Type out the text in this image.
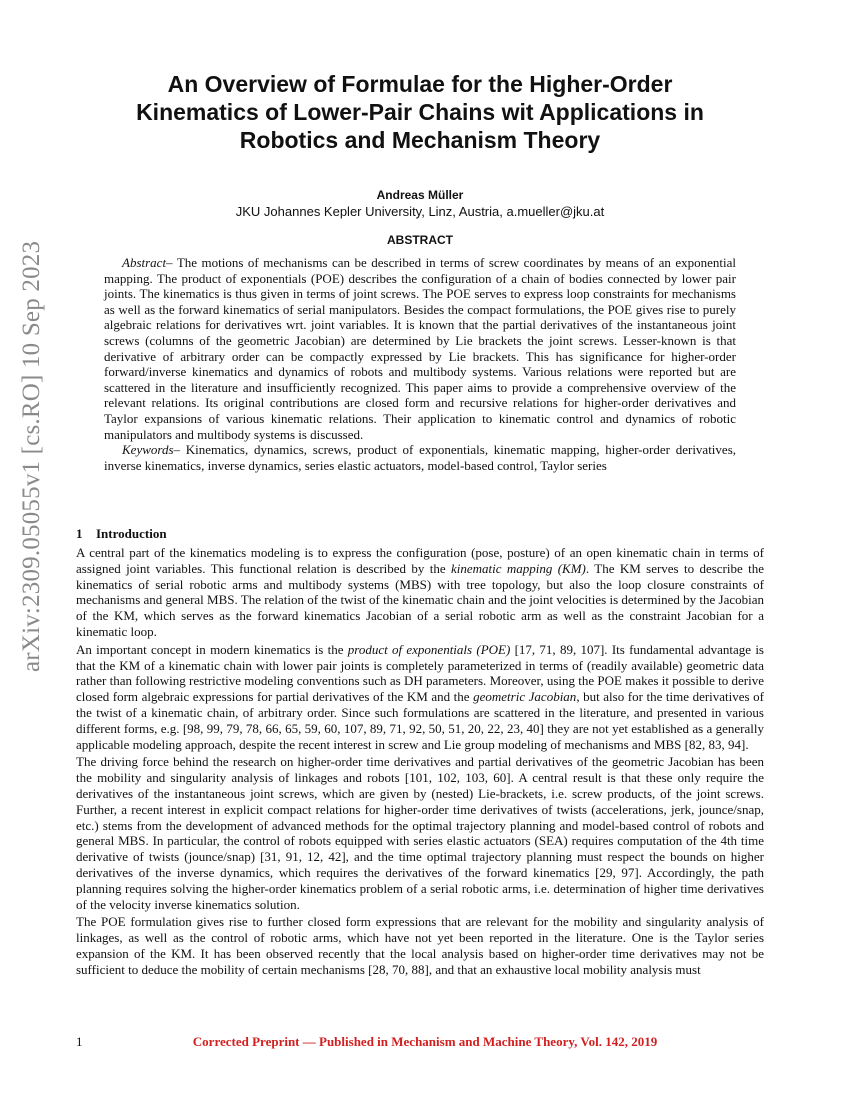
arXiv:2309.05055v1 [cs.RO] 10 Sep 2023
An Overview of Formulae for the Higher-Order Kinematics of Lower-Pair Chains wit Applications in Robotics and Mechanism Theory
Andreas Müller
JKU Johannes Kepler University, Linz, Austria, a.mueller@jku.at
ABSTRACT

Abstract– The motions of mechanisms can be described in terms of screw coordinates by means of an exponential mapping. The product of exponentials (POE) describes the configuration of a chain of bodies connected by lower pair joints. The kinematics is thus given in terms of joint screws. The POE serves to express loop constraints for mechanisms as well as the forward kinematics of serial manipulators. Besides the compact formulations, the POE gives rise to purely algebraic relations for derivatives wrt. joint variables. It is known that the partial derivatives of the instantaneous joint screws (columns of the geometric Jacobian) are determined by Lie brackets the joint screws. Lesser-known is that derivative of arbitrary order can be compactly expressed by Lie brackets. This has significance for higher-order forward/inverse kinematics and dynamics of robots and multibody systems. Various relations were reported but are scattered in the literature and insufficiently recognized. This paper aims to provide a comprehensive overview of the relevant relations. Its original contributions are closed form and recursive relations for higher-order derivatives and Taylor expansions of various kinematic relations. Their application to kinematic control and dynamics of robotic manipulators and multibody systems is discussed.

Keywords– Kinematics, dynamics, screws, product of exponentials, kinematic mapping, higher-order derivatives, inverse kinematics, inverse dynamics, series elastic actuators, model-based control, Taylor series

1 Introduction

A central part of the kinematics modeling is to express the configuration (pose, posture) of an open kinematic chain in terms of assigned joint variables. This functional relation is described by the kinematic mapping (KM). The KM serves to describe the kinematics of serial robotic arms and multibody systems (MBS) with tree topology, but also the loop closure constraints of mechanisms and general MBS. The relation of the twist of the kinematic chain and the joint velocities is determined by the Jacobian of the KM, which serves as the forward kinematics Jacobian of a serial robotic arm as well as the constraint Jacobian for a kinematic loop.

An important concept in modern kinematics is the product of exponentials (POE) [17, 71, 89, 107]. Its fundamental advantage is that the KM of a kinematic chain with lower pair joints is completely parameterized in terms of (readily available) geometric data rather than following restrictive modeling conventions such as DH parameters. Moreover, using the POE makes it possible to derive closed form algebraic expressions for partial derivatives of the KM and the geometric Jacobian, but also for the time derivatives of the twist of a kinematic chain, of arbitrary order. Since such formulations are scattered in the literature, and presented in various different forms, e.g. [98, 99, 79, 78, 66, 65, 59, 60, 107, 89, 71, 92, 50, 51, 20, 22, 23, 40] they are not yet established as a generally applicable modeling approach, despite the recent interest in screw and Lie group modeling of mechanisms and MBS [82, 83, 94].

The driving force behind the research on higher-order time derivatives and partial derivatives of the geometric Jacobian has been the mobility and singularity analysis of linkages and robots [101, 102, 103, 60]. A central result is that these only require the derivatives of the instantaneous joint screws, which are given by (nested) Lie-brackets, i.e. screw products, of the joint screws. Further, a recent interest in explicit compact relations for higher-order time derivatives of twists (accelerations, jerk, jounce/snap, etc.) stems from the development of advanced methods for the optimal trajectory planning and model-based control of robots and general MBS. In particular, the control of robots equipped with series elastic actuators (SEA) requires computation of the 4th time derivative of twists (jounce/snap) [31, 91, 12, 42], and the time optimal trajectory planning must respect the bounds on higher derivatives of the inverse dynamics, which requires the derivatives of the forward kinematics [29, 97]. Accordingly, the path planning requires solving the higher-order kinematics problem of a serial robotic arms, i.e. determination of higher time derivatives of the velocity inverse kinematics solution.

The POE formulation gives rise to further closed form expressions that are relevant for the mobility and singularity analysis of linkages, as well as the control of robotic arms, which have not yet been reported in the literature. One is the Taylor series expansion of the KM. It has been observed recently that the local analysis based on higher-order time derivatives may not be sufficient to deduce the mobility of certain mechanisms [28, 70, 88], and that an exhaustive local mobility analysis must

1	Corrected Preprint — Published in Mechanism and Machine Theory, Vol. 142, 2019
